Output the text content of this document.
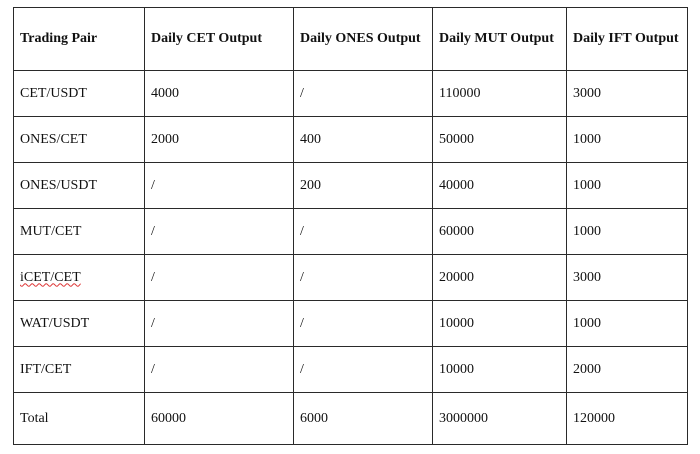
Trading Pair	Daily CET Output	Daily ONES Output	Daily MUT Output	Daily IFT Output
CET/USDT	4000	/	110000	3000
ONES/CET	2000	400	50000	1000
ONES/USDT	/	200	40000	1000
MUT/CET	/	/	60000	1000
iCET/CET	/	/	20000	3000
WAT/USDT	/	/	10000	1000
IFT/CET	/	/	10000	2000
Total	60000	6000	3000000	120000
